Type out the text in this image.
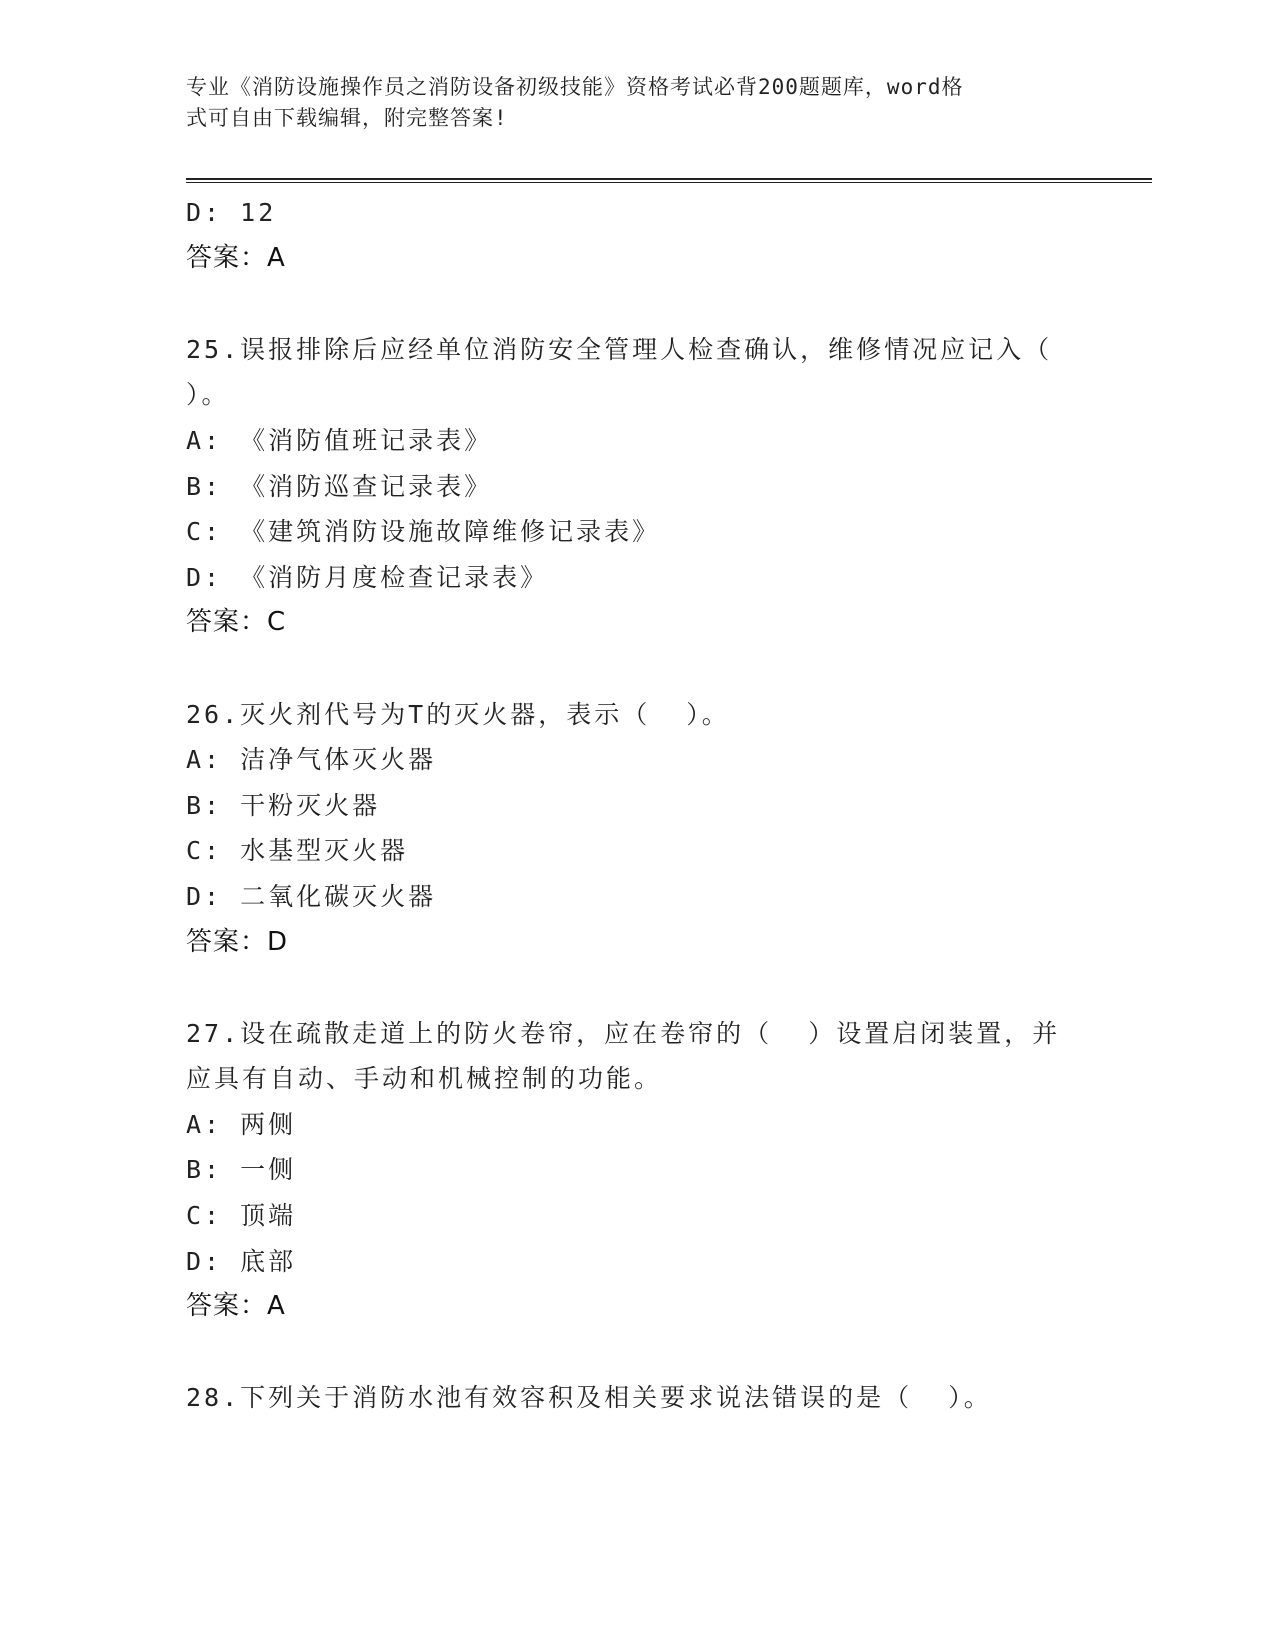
专业《消防设施操作员之消防设备初级技能》资格考试必背200题题库，word格
式可自由下载编辑，附完整答案!
D: 12
答案：A
25.误报排除后应经单位消防安全管理人检查确认，维修情况应记入（
）。
A: 《消防值班记录表》
B: 《消防巡查记录表》
C: 《建筑消防设施故障维修记录表》
D: 《消防月度检查记录表》
答案：C
26.灭火剂代号为T的灭火器，表示（  ）。
A: 洁净气体灭火器
B: 干粉灭火器
C: 水基型灭火器
D: 二氧化碳灭火器
答案：D
27.设在疏散走道上的防火卷帘，应在卷帘的（  ）设置启闭装置，并
应具有自动、手动和机械控制的功能。
A: 两侧
B: 一侧
C: 顶端
D: 底部
答案：A
28.下列关于消防水池有效容积及相关要求说法错误的是（  ）。
